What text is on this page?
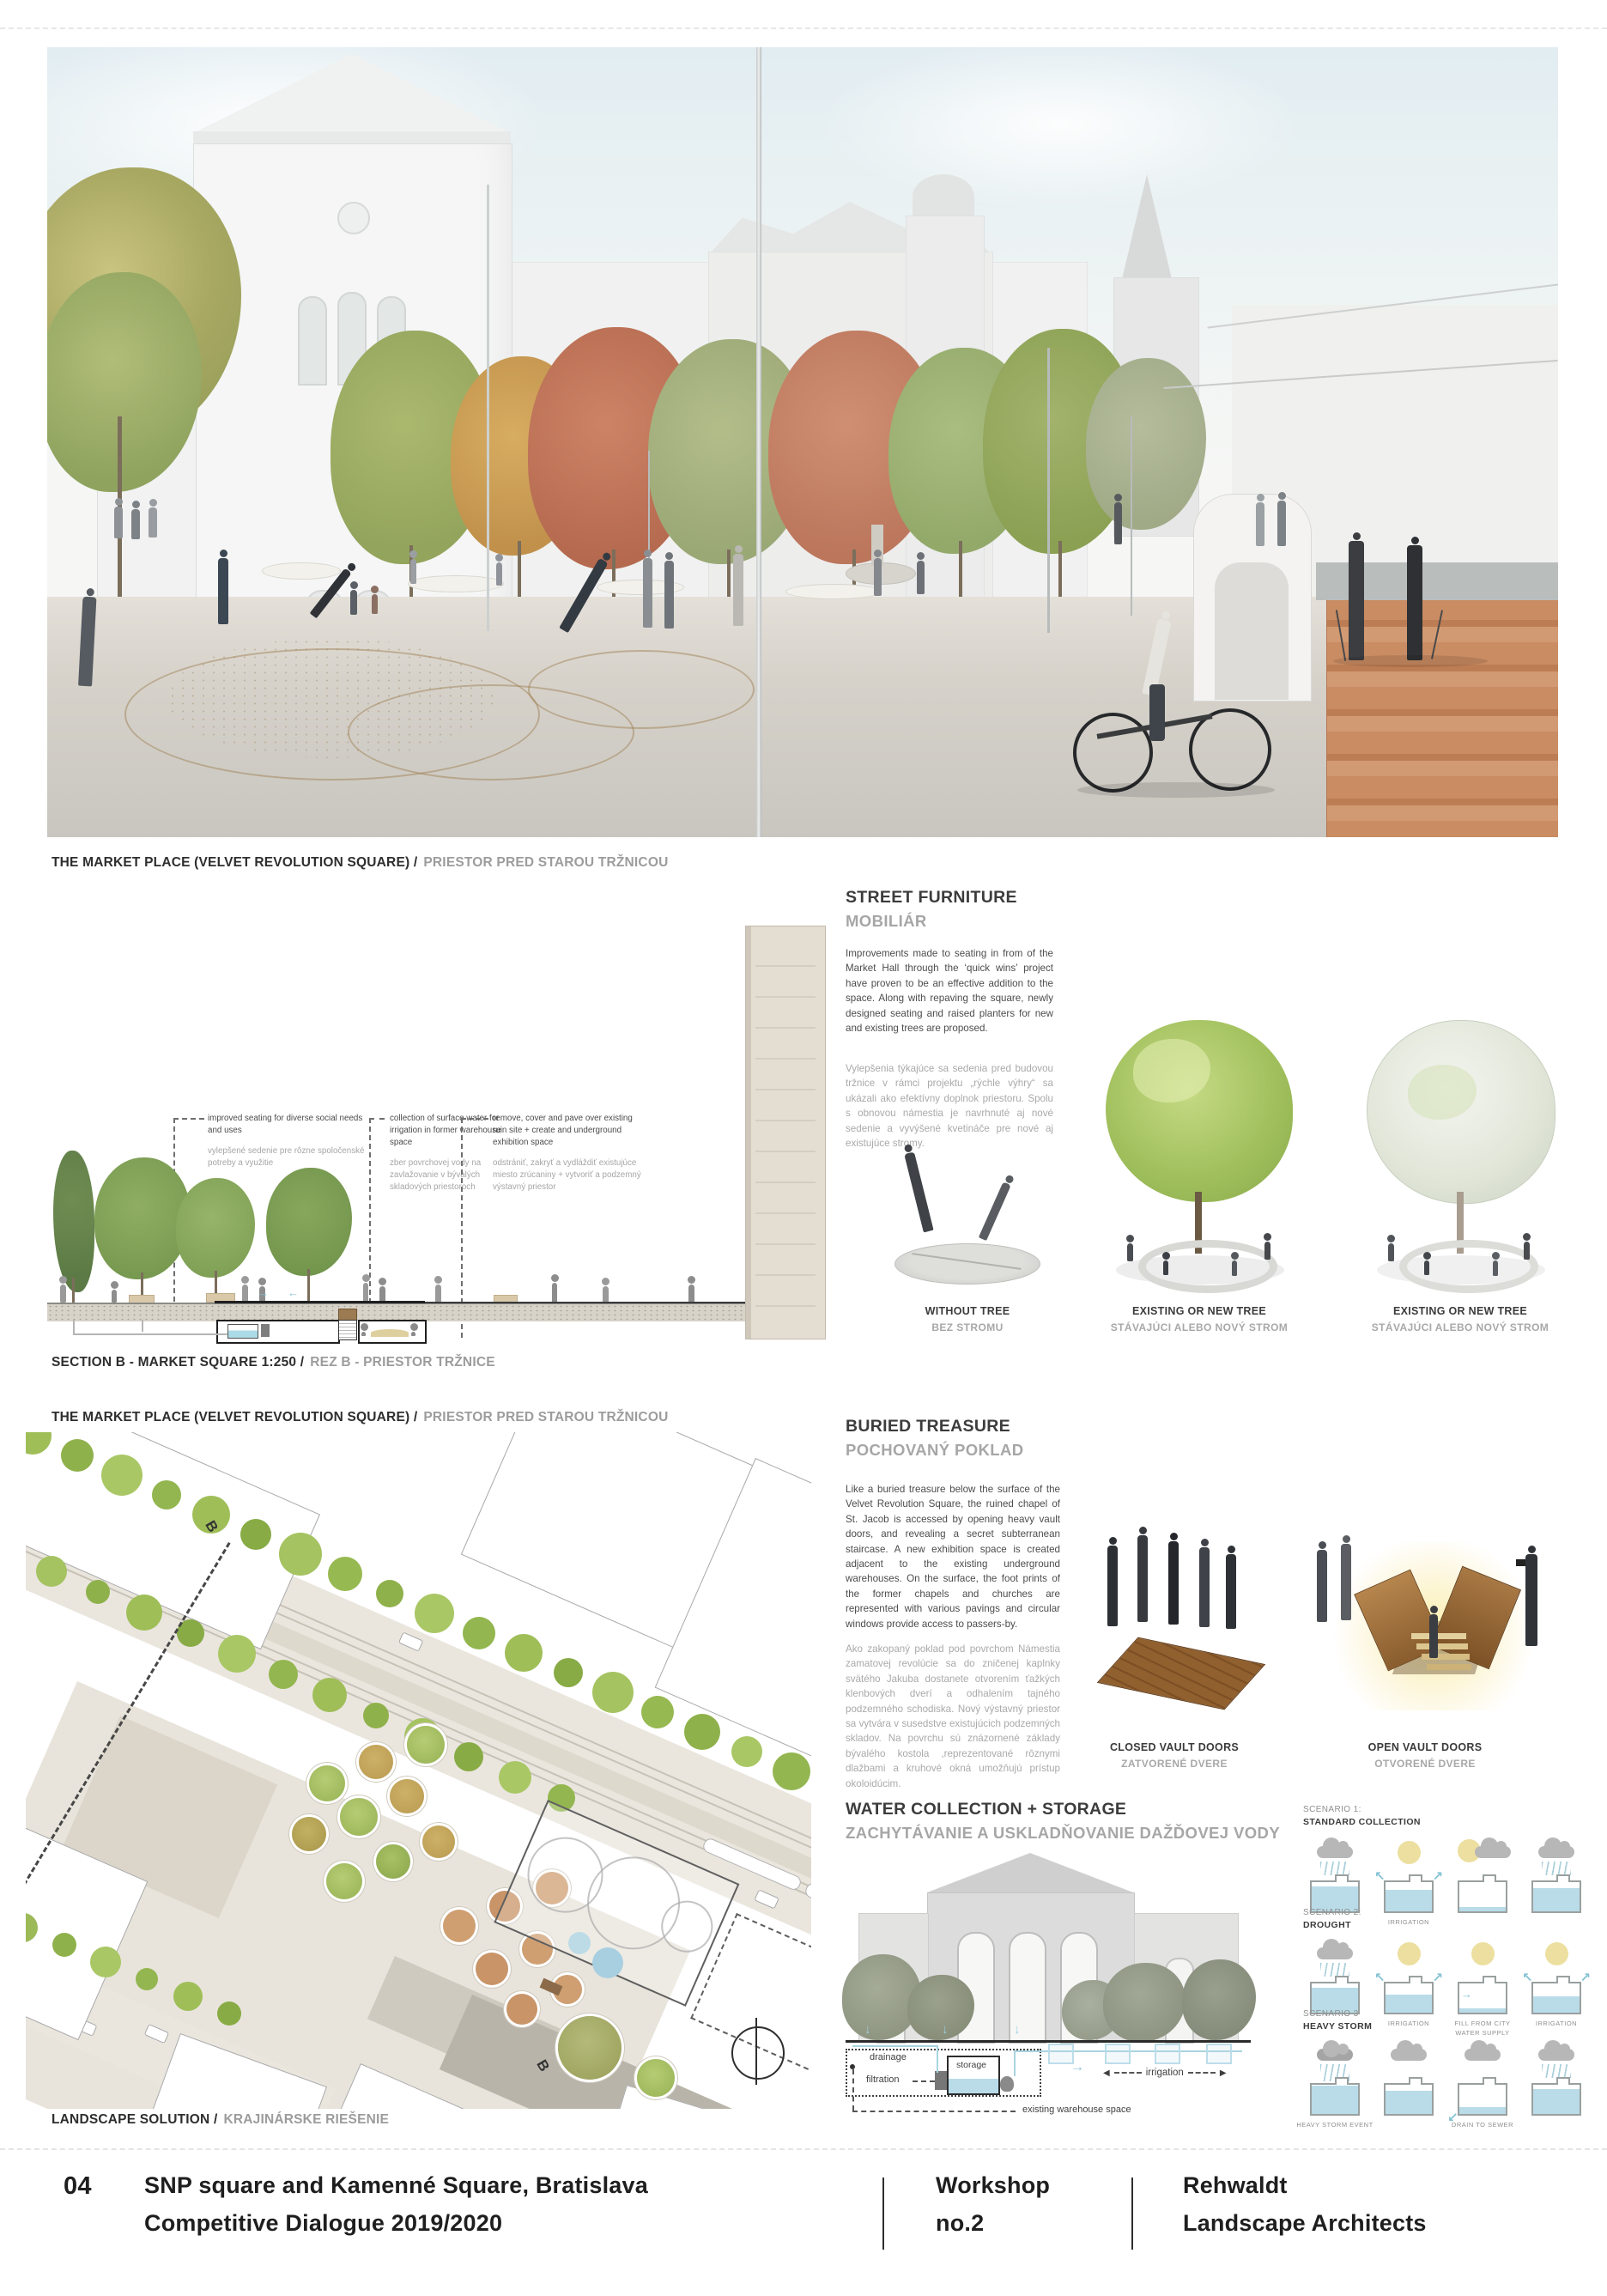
THE MARKET PLACE (VELVET REVOLUTION SQUARE) / PRIESTOR PRED STAROU TRŽNICOU
improved seating for diverse social needs and uses
vylepšené sedenie pre rôzne spoločenské potreby a využitie
collection of surface water for irrigation in former warehouse space
zber povrchovej vody na zavlažovanie v bývalých skladových priestoroch
remove, cover and pave over existing ruin site + create and underground exhibition space
odstrániť, zakryť a vydláždiť existujúce miesto zrúcaniny + vytvoriť a podzemný výstavný priestor
→ ←
SECTION B - MARKET SQUARE 1:250 / REZ B - PRIESTOR TRŽNICE
THE MARKET PLACE (VELVET REVOLUTION SQUARE) / PRIESTOR PRED STAROU TRŽNICOU
B
B
LANDSCAPE SOLUTION / KRAJINÁRSKE RIEŠENIE
STREET FURNITURE
MOBILIÁR
Improvements made to seating in from of the Market Hall through the ‘quick wins’ project have proven to be an effective addition to the space. Along with repaving the square, newly designed seating and raised planters for new and existing trees are proposed.
Vylepšenia týkajúce sa sedenia pred budovou tržnice v rámci projektu „rýchle výhry“ sa ukázali ako efektívny doplnok priestoru. Spolu s obnovou námestia je navrhnuté aj nové sedenie a vyvýšené kvetináče pre nové aj existujúce stromy.
WITHOUT TREE
BEZ STROMU
EXISTING OR NEW TREE
STÁVAJÚCI ALEBO NOVÝ STROM
EXISTING OR NEW TREE
STÁVAJÚCI ALEBO NOVÝ STROM
BURIED TREASURE
POCHOVANÝ POKLAD
Like a buried treasure below the surface of the Velvet Revolution Square, the ruined chapel of St. Jacob is accessed by opening heavy vault doors, and revealing a secret subterranean staircase. A new exhibition space is created adjacent to the existing underground warehouses. On the surface, the foot prints of the former chapels and churches are represented with various pavings and circular windows provide access to passers-by.
Ako zakopaný poklad pod povrchom Námestia zamatovej revolúcie sa do zničenej kaplnky svätého Jakuba dostanete otvorením ťažkých klenbových dverí a odhalením tajného podzemného schodiska. Nový výstavný priestor sa vytvára v susedstve existujúcich podzemných skladov. Na povrchu sú znázornené základy bývalého kostola ,reprezentované rôznymi dlažbami a kruhové okná umožňujú prístup okoloidúcim.
CLOSED VAULT DOORS
ZATVORENÉ DVERE
OPEN VAULT DOORS
OTVORENÉ DVERE
WATER COLLECTION + STORAGE
ZACHYTÁVANIE A USKLADŇOVANIE DAŽĎOVEJ VODY
↓	↓	↓
drainage
storage
filtration
→ ◀	irrigation	▶
existing warehouse space
SCENARIO 1:
STANDARD COLLECTION
↖	↗
IRRIGATION
SCENARIO 2:
DROUGHT
↖	↗
IRRIGATION
→
FILL FROM CITY WATER SUPPLY
↖	↗
IRRIGATION
SCENARIO 3
HEAVY STORM
HEAVY STORM EVENT	↙
DRAIN TO SEWER
04 SNP square and Kamenné Square, Bratislava
Competitive Dialogue 2019/2020
Workshop
no.2
Rehwaldt
Landscape Architects
